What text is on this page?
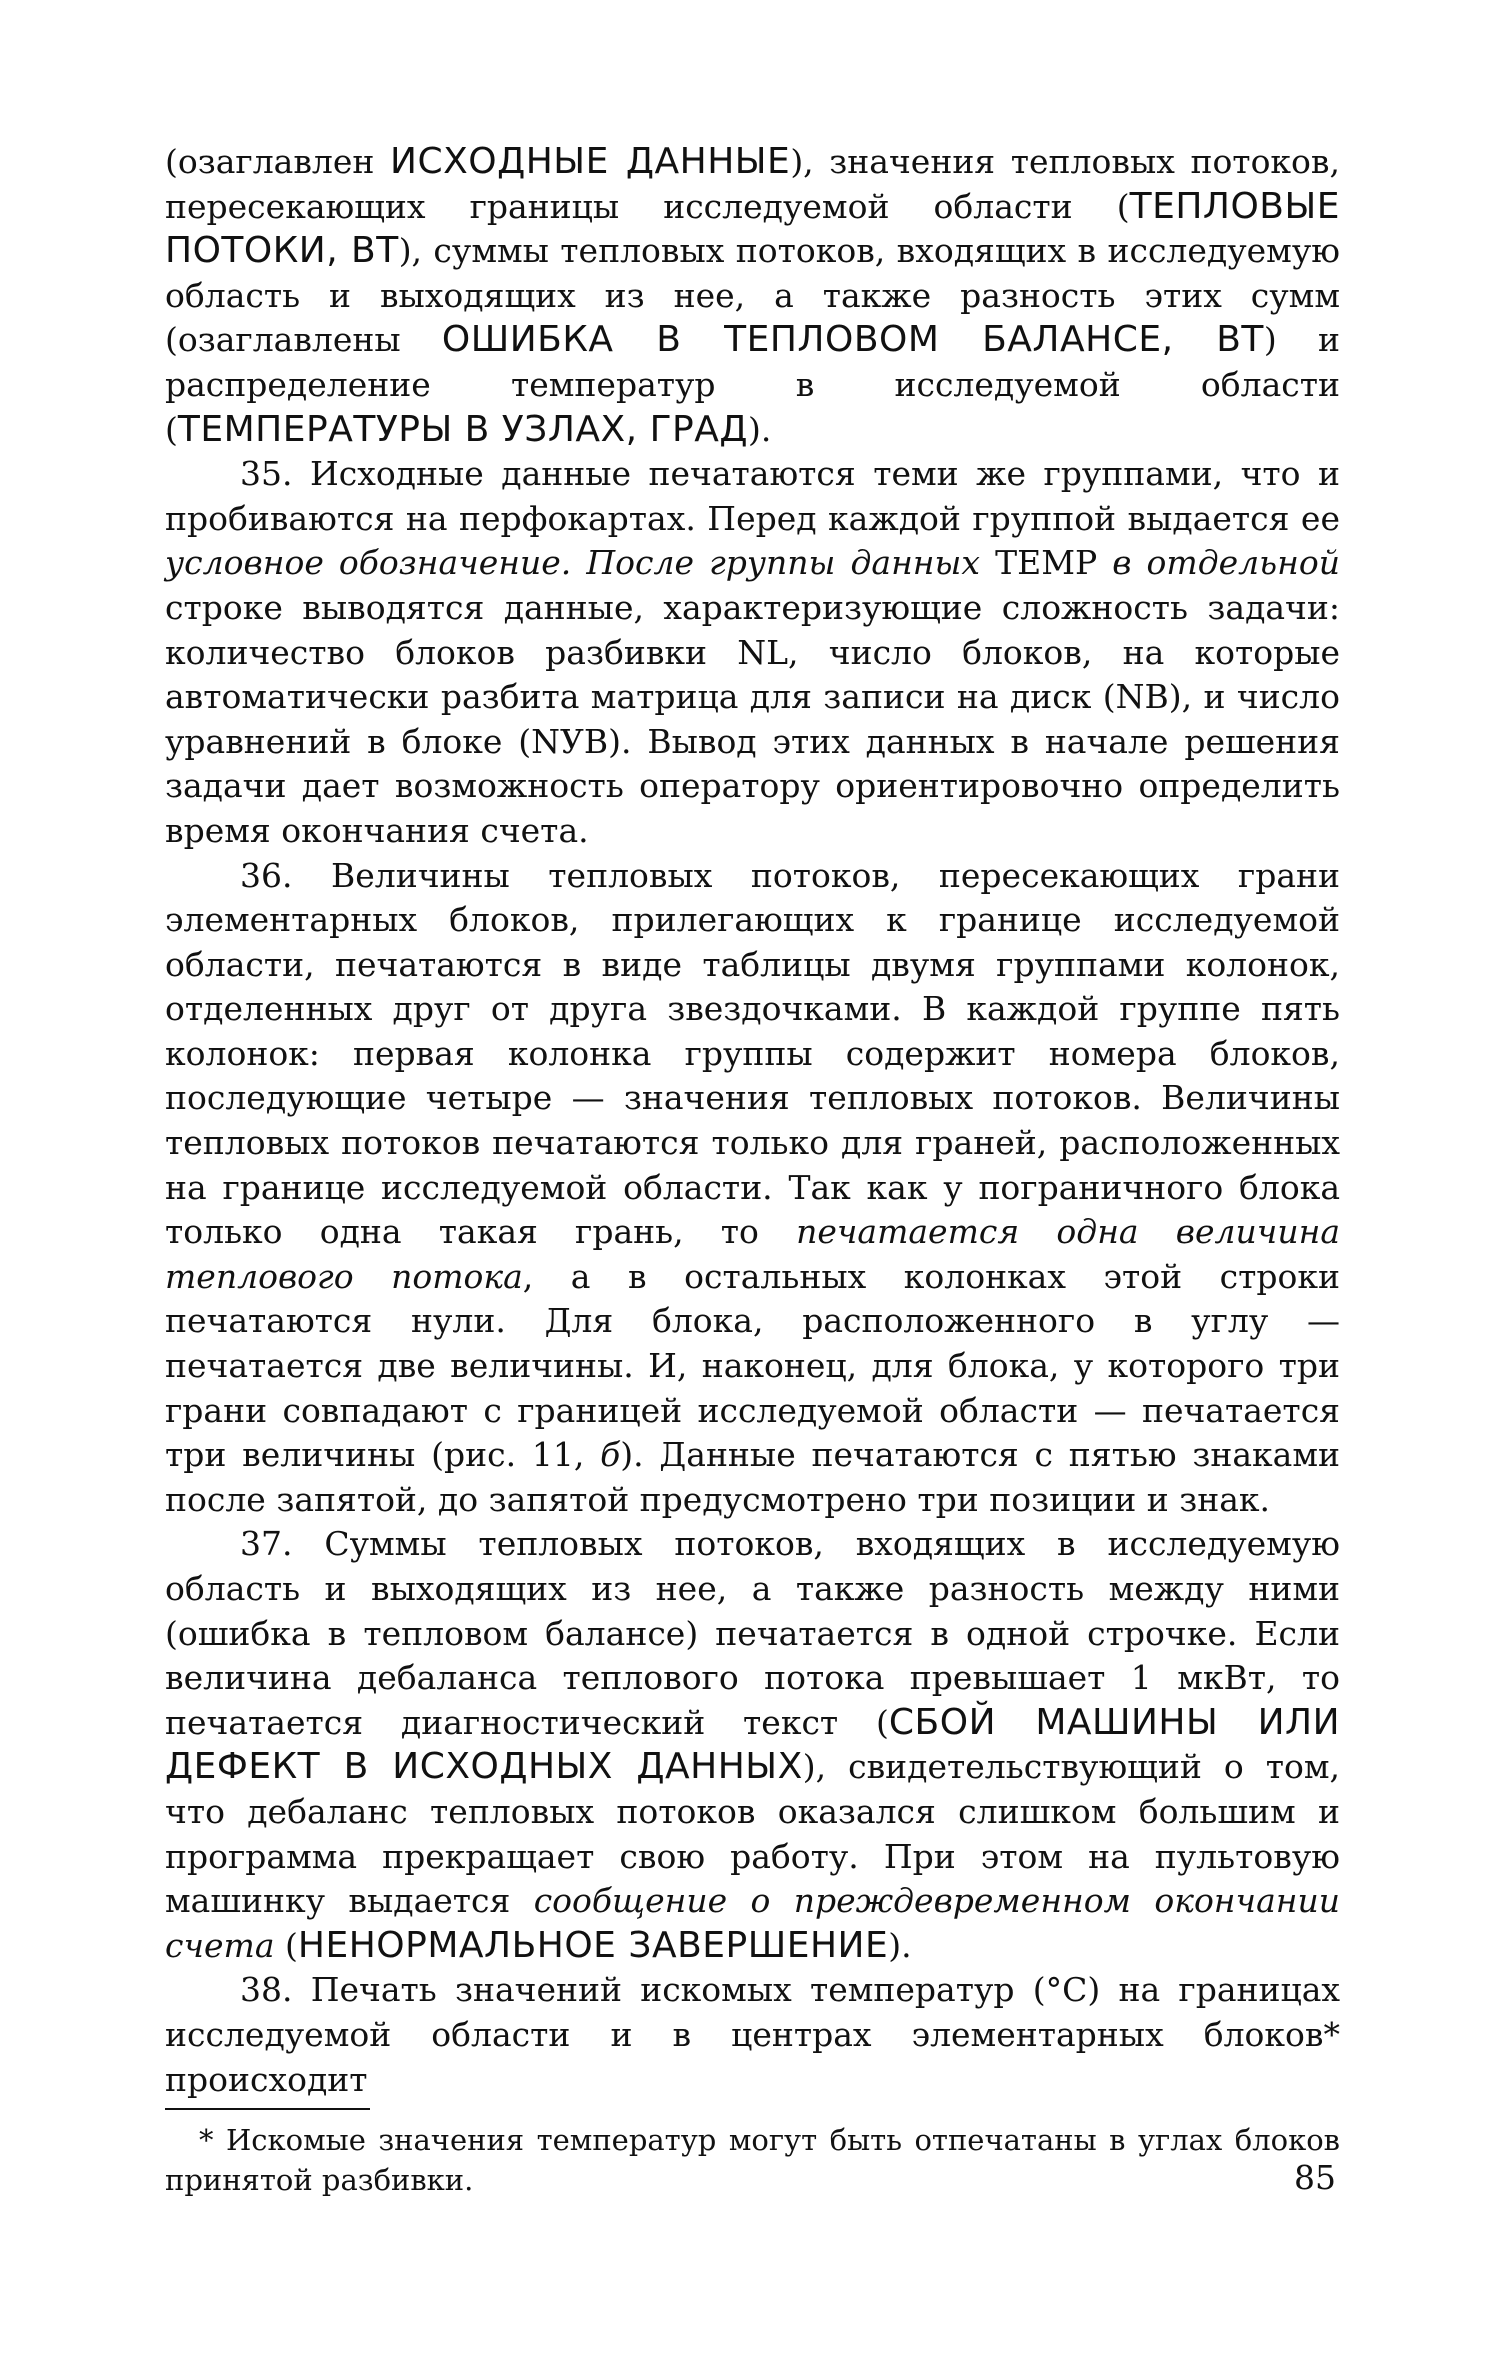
(озаглавлен ИСХОДНЫЕ ДАННЫЕ), значения тепловых потоков, пересекающих границы исследуемой области (ТЕПЛОВЫЕ ПОТОКИ, ВТ), суммы тепловых потоков, входящих в исследуемую область и выходящих из нее, а также разность этих сумм (озаглавлены ОШИБКА В ТЕПЛОВОМ БАЛАНСЕ, ВТ) и распределение температур в исследуемой области (ТЕМПЕРАТУРЫ В УЗЛАХ, ГРАД).

35. Исходные данные печатаются теми же группами, что и пробиваются на перфокартах. Перед каждой группой выдается ее условное обозначение. После группы данных ТЕМР в отдельной строке выводятся данные, характеризующие сложность задачи: количество блоков разбивки NL, число блоков, на которые автоматически разбита матрица для записи на диск (NB), и число уравнений в блоке (NУВ). Вывод этих данных в начале решения задачи дает возможность оператору ориентировочно определить время окончания счета.

36. Величины тепловых потоков, пересекающих грани элементарных блоков, прилегающих к границе исследуемой области, печатаются в виде таблицы двумя группами колонок, отделенных друг от друга звездочками. В каждой группе пять колонок: первая колонка группы содержит номера блоков, последующие четыре — значения тепловых потоков. Величины тепловых потоков печатаются только для граней, расположенных на границе исследуемой области. Так как у пограничного блока только одна такая грань, то печатается одна величина теплового потока, а в остальных колонках этой строки печатаются нули. Для блока, расположенного в углу — печатается две величины. И, наконец, для блока, у которого три грани совпадают с границей исследуемой области — печатается три величины (рис. 11, б). Данные печатаются с пятью знаками после запятой, до запятой предусмотрено три позиции и знак.

37. Суммы тепловых потоков, входящих в исследуемую область и выходящих из нее, а также разность между ними (ошибка в тепловом балансе) печатается в одной строчке. Если величина дебаланса теплового потока превышает 1 мкВт, то печатается диагностический текст (СБОЙ МАШИНЫ ИЛИ ДЕФЕКТ В ИСХОДНЫХ ДАННЫХ), свидетельствующий о том, что дебаланс тепловых потоков оказался слишком большим и программа прекращает свою работу. При этом на пультовую машинку выдается сообщение о преждевременном окончании счета (НЕНОРМАЛЬНОЕ ЗАВЕРШЕНИЕ).

38. Печать значений искомых температур (°С) на границах исследуемой области и в центрах элементарных блоков* происходит

* Искомые значения температур могут быть отпечатаны в углах блоков принятой разбивки.	85
